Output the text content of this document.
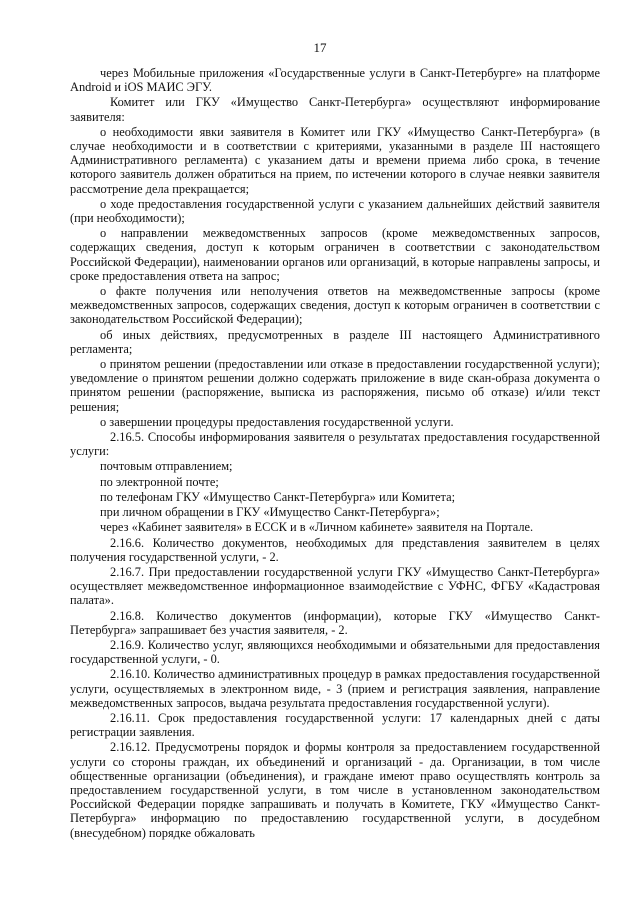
17

через Мобильные приложения «Государственные услуги в Санкт-Петербурге» на платформе Android и iOS МАИС ЭГУ.

Комитет или ГКУ «Имущество Санкт-Петербурга» осуществляют информирование заявителя:

о необходимости явки заявителя в Комитет или ГКУ «Имущество Санкт-Петербурга» (в случае необходимости и в соответствии с критериями, указанными в разделе III настоящего Административного регламента) с указанием даты и времени приема либо срока, в течение которого заявитель должен обратиться на прием, по истечении которого в случае неявки заявителя рассмотрение дела прекращается;

о ходе предоставления государственной услуги с указанием дальнейших действий заявителя (при необходимости);

о направлении межведомственных запросов (кроме межведомственных запросов, содержащих сведения, доступ к которым ограничен в соответствии с законодательством Российской Федерации), наименовании органов или организаций, в которые направлены запросы, и сроке предоставления ответа на запрос;

о факте получения или неполучения ответов на межведомственные запросы (кроме межведомственных запросов, содержащих сведения, доступ к которым ограничен в соответствии с законодательством Российской Федерации);

об иных действиях, предусмотренных в разделе III настоящего Административного регламента;

о принятом решении (предоставлении или отказе в предоставлении государственной услуги); уведомление о принятом решении должно содержать приложение в виде скан-образа документа о принятом решении (распоряжение, выписка из распоряжения, письмо об отказе) и/или текст решения;

о завершении процедуры предоставления государственной услуги.

2.16.5. Способы информирования заявителя о результатах предоставления государственной услуги:

почтовым отправлением;

по электронной почте;

по телефонам ГКУ «Имущество Санкт-Петербурга» или Комитета;

при личном обращении в ГКУ «Имущество Санкт-Петербурга»;

через «Кабинет заявителя» в ЕССК и в «Личном кабинете» заявителя на Портале.

2.16.6. Количество документов, необходимых для представления заявителем в целях получения государственной услуги, - 2.

2.16.7. При предоставлении государственной услуги ГКУ «Имущество Санкт-Петербурга» осуществляет межведомственное информационное взаимодействие с УФНС, ФГБУ «Кадастровая палата».

2.16.8. Количество документов (информации), которые ГКУ «Имущество Санкт-Петербурга» запрашивает без участия заявителя, - 2.

2.16.9. Количество услуг, являющихся необходимыми и обязательными для предоставления государственной услуги, - 0.

2.16.10. Количество административных процедур в рамках предоставления государственной услуги, осуществляемых в электронном виде, - 3 (прием и регистрация заявления, направление межведомственных запросов, выдача результата предоставления государственной услуги).

2.16.11. Срок предоставления государственной услуги: 17 календарных дней с даты регистрации заявления.

2.16.12. Предусмотрены порядок и формы контроля за предоставлением государственной услуги со стороны граждан, их объединений и организаций - да. Организации, в том числе общественные организации (объединения), и граждане имеют право осуществлять контроль за предоставлением государственной услуги, в том числе в установленном законодательством Российской Федерации порядке запрашивать и получать в Комитете, ГКУ «Имущество Санкт-Петербурга» информацию по предоставлению государственной услуги, в досудебном (внесудебном) порядке обжаловать
